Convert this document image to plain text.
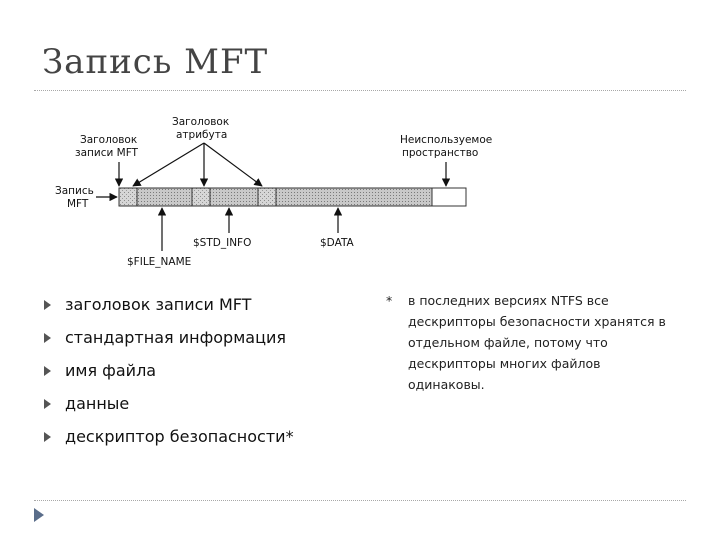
Запись MFT
Заголовок
записи MFT
Заголовок
атрибута	Неиспользуемое
пространство
Запись
MFT
$STD_INFO	$DATA
$FILE_NAME
заголовок записи MFT
стандартная информация
имя файла
данные
дескриптор безопасности*
* в последних версиях NTFS все дескрипторы безопасности хранятся в отдельном файле, потому что дескрипторы многих файлов одинаковы.
